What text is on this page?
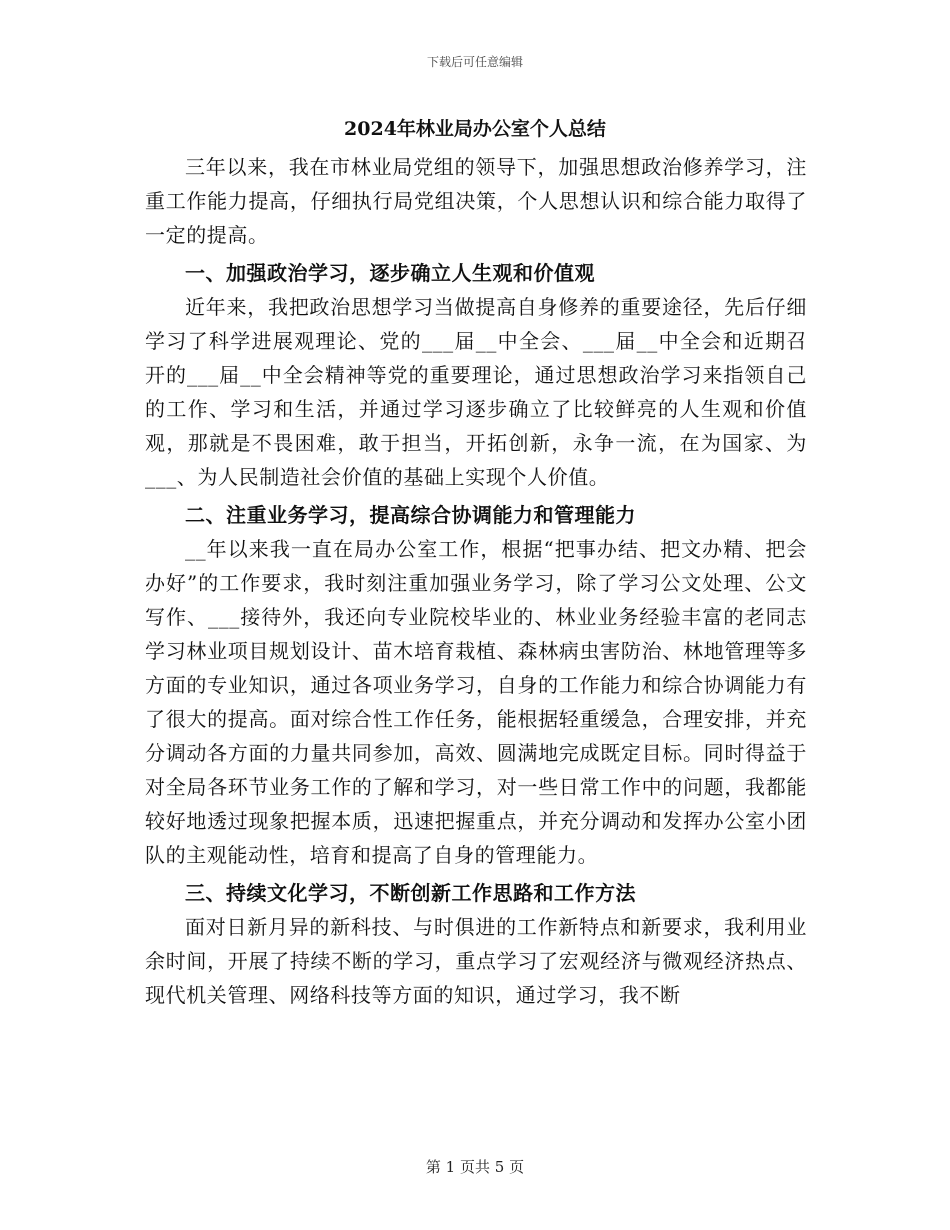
下载后可任意编辑
2024年林业局办公室个人总结

三年以来，我在市林业局党组的领导下，加强思想政治修养学习，注重工作能力提高，仔细执行局党组决策，个人思想认识和综合能力取得了一定的提高。

一、加强政治学习，逐步确立人生观和价值观

近年来，我把政治思想学习当做提高自身修养的重要途径，先后仔细学习了科学进展观理论、党的___届__中全会、___届__中全会和近期召开的___届__中全会精神等党的重要理论，通过思想政治学习来指领自己的工作、学习和生活，并通过学习逐步确立了比较鲜亮的人生观和价值观，那就是不畏困难，敢于担当，开拓创新，永争一流，在为国家、为___、为人民制造社会价值的基础上实现个人价值。

二、注重业务学习，提高综合协调能力和管理能力

__年以来我一直在局办公室工作，根据“把事办结、把文办精、把会办好”的工作要求，我时刻注重加强业务学习，除了学习公文处理、公文写作、___接待外，我还向专业院校毕业的、林业业务经验丰富的老同志学习林业项目规划设计、苗木培育栽植、森林病虫害防治、林地管理等多方面的专业知识，通过各项业务学习，自身的工作能力和综合协调能力有了很大的提高。面对综合性工作任务，能根据轻重缓急，合理安排，并充分调动各方面的力量共同参加，高效、圆满地完成既定目标。同时得益于对全局各环节业务工作的了解和学习，对一些日常工作中的问题，我都能较好地透过现象把握本质，迅速把握重点，并充分调动和发挥办公室小团队的主观能动性，培育和提高了自身的管理能力。

三、持续文化学习，不断创新工作思路和工作方法

面对日新月异的新科技、与时俱进的工作新特点和新要求，我利用业余时间，开展了持续不断的学习，重点学习了宏观经济与微观经济热点、现代机关管理、网络科技等方面的知识，通过学习，我不断

第 1 页共 5 页
